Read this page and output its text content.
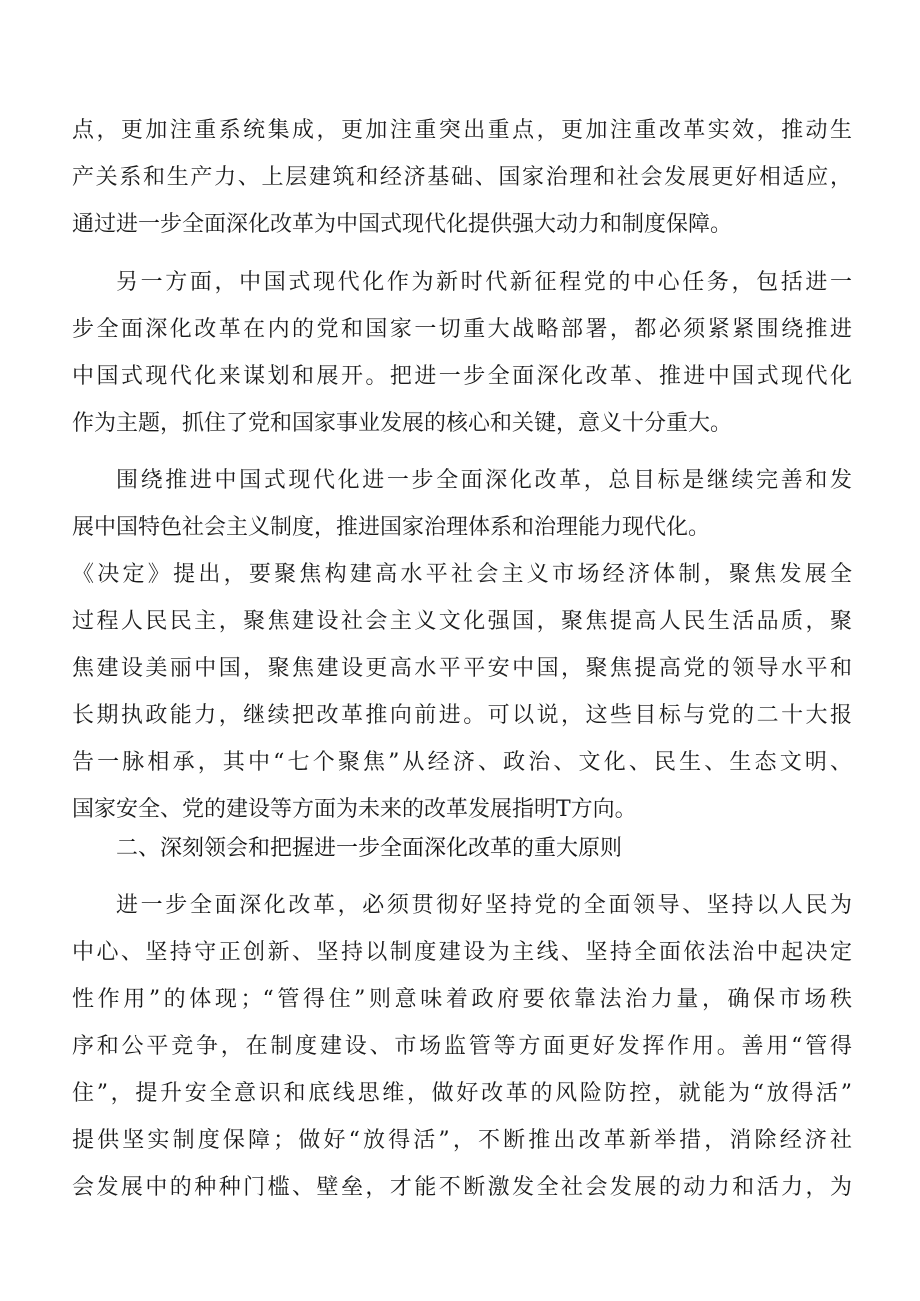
点，更加注重系统集成，更加注重突出重点，更加注重改革实效，推动生
产关系和生产力、上层建筑和经济基础、国家治理和社会发展更好相适应，
通过进一步全面深化改革为中国式现代化提供强大动力和制度保障。
另一方面，中国式现代化作为新时代新征程党的中心任务，包括进一
步全面深化改革在内的党和国家一切重大战略部署，都必须紧紧围绕推进
中国式现代化来谋划和展开。把进一步全面深化改革、推进中国式现代化
作为主题，抓住了党和国家事业发展的核心和关键，意义十分重大。
围绕推进中国式现代化进一步全面深化改革，总目标是继续完善和发
展中国特色社会主义制度，推进国家治理体系和治理能力现代化。
《决定》提出，要聚焦构建高水平社会主义市场经济体制，聚焦发展全
过程人民民主，聚焦建设社会主义文化强国，聚焦提高人民生活品质，聚
焦建设美丽中国，聚焦建设更高水平平安中国，聚焦提高党的领导水平和
长期执政能力，继续把改革推向前进。可以说，这些目标与党的二十大报
告一脉相承，其中“七个聚焦”从经济、政治、文化、民生、生态文明、
国家安全、党的建设等方面为未来的改革发展指明T方向。
二、深刻领会和把握进一步全面深化改革的重大原则
进一步全面深化改革，必须贯彻好坚持党的全面领导、坚持以人民为
中心、坚持守正创新、坚持以制度建设为主线、坚持全面依法治中起决定
性作用”的体现；“管得住”则意味着政府要依靠法治力量，确保市场秩
序和公平竞争，在制度建设、市场监管等方面更好发挥作用。善用“管得
住”，提升安全意识和底线思维，做好改革的风险防控，就能为“放得活”
提供坚实制度保障；做好“放得活”，不断推出改革新举措，消除经济社
会发展中的种种门槛、壁垒，才能不断激发全社会发展的动力和活力，为
